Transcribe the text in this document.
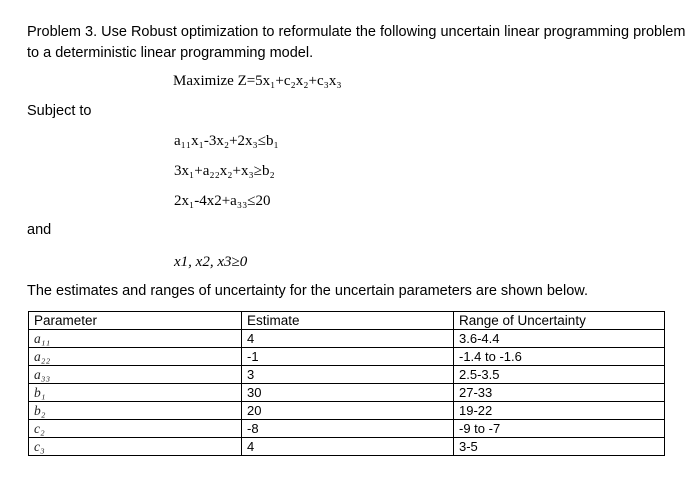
Problem 3. Use Robust optimization to reformulate the following uncertain linear programming problem
to a deterministic linear programming model.
Maximize Z=5x₁+c₂x₂+c₃x₃
Subject to
a₁₁x₁-3x₂+2x₃≤b₁
3x₁+a₂₂x₂+x₃≥b₂
2x₁-4x2+a₃₃≤20
and
x1, x2, x3≥0
The estimates and ranges of uncertainty for the uncertain parameters are shown below.
Parameter	Estimate	Range of Uncertainty
a₁₁	4	3.6-4.4
a₂₂	-1	-1.4 to -1.6
a₃₃	3	2.5-3.5
b₁	30	27-33
b₂	20	19-22
c₂	-8	-9 to -7
c₃	4	3-5
